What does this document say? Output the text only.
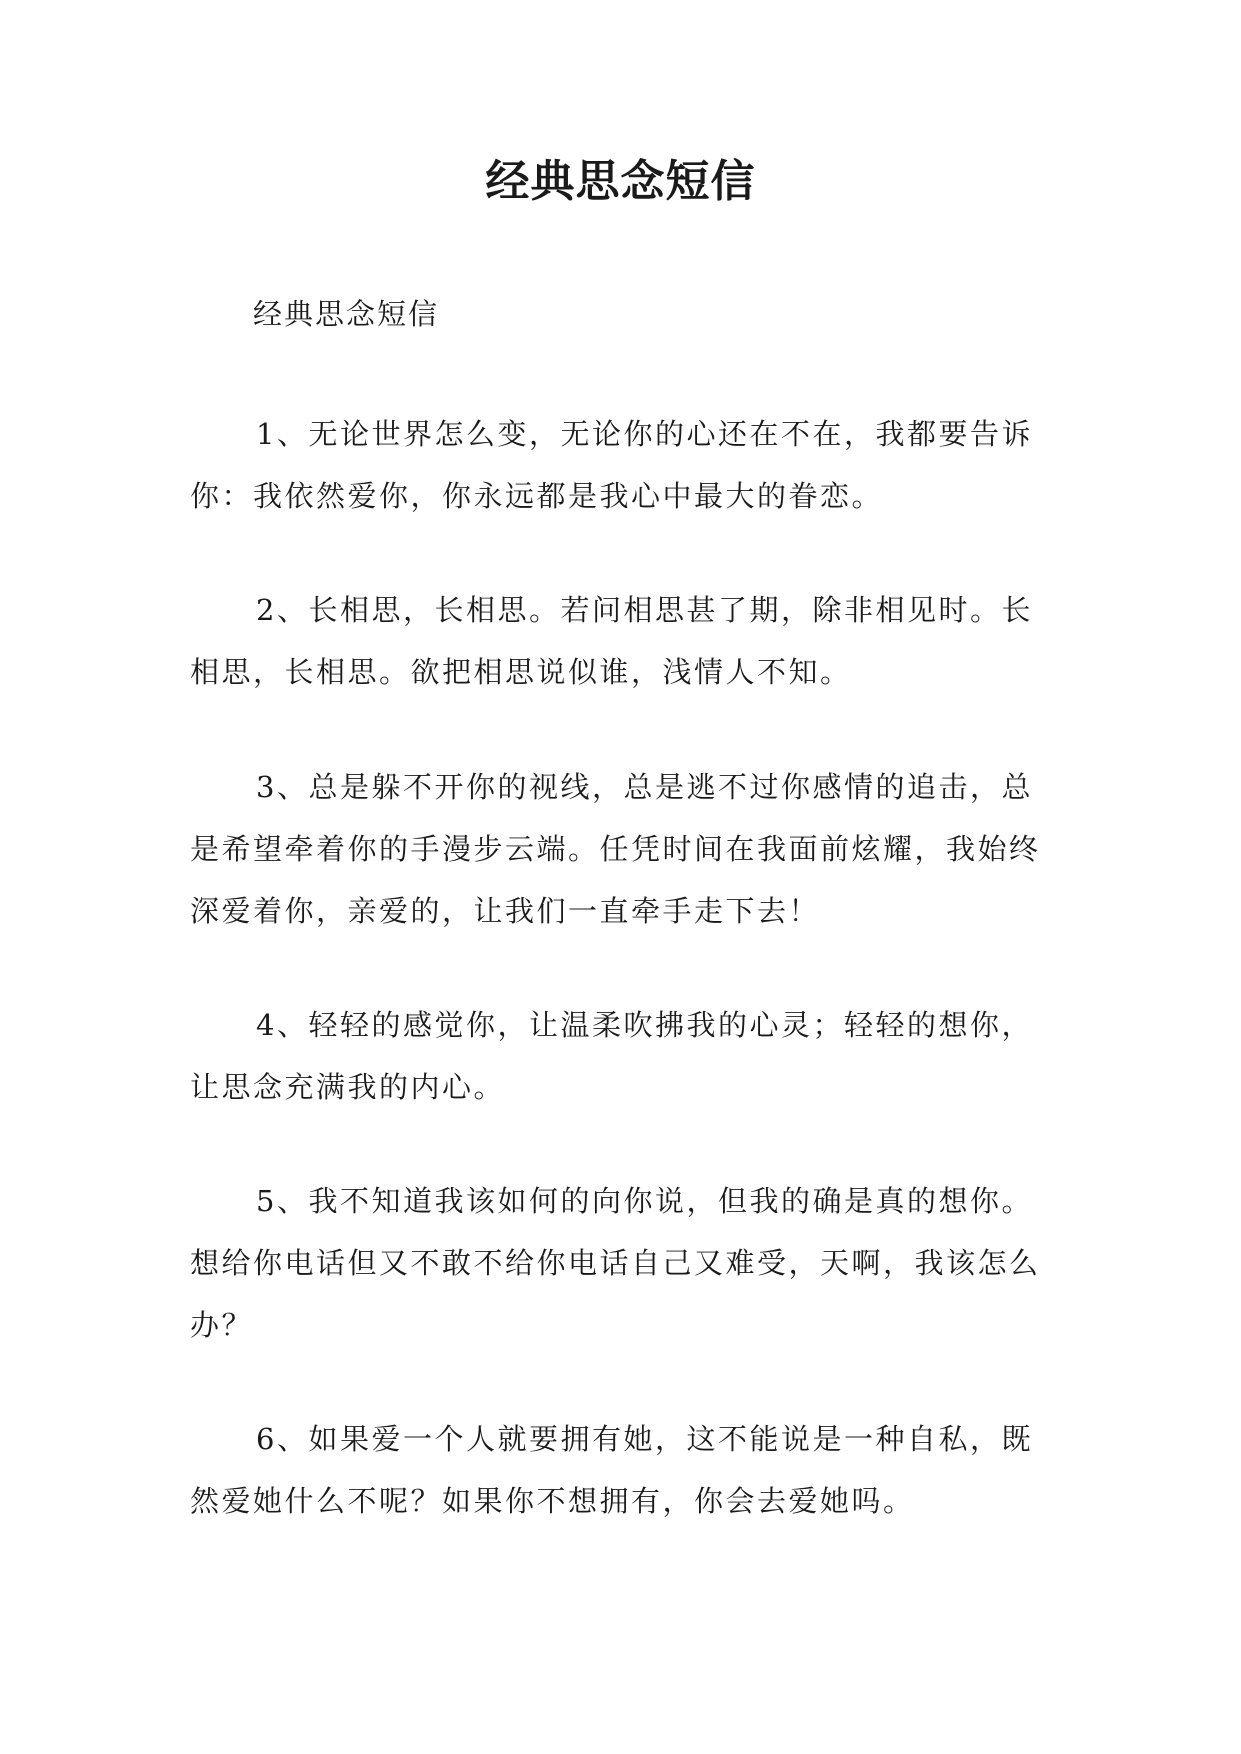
经典思念短信

经典思念短信

1、无论世界怎么变，无论你的心还在不在，我都要告诉你：我依然爱你，你永远都是我心中最大的眷恋。

2、长相思，长相思。若问相思甚了期，除非相见时。长相思，长相思。欲把相思说似谁，浅情人不知。

3、总是躲不开你的视线，总是逃不过你感情的追击，总是希望牵着你的手漫步云端。任凭时间在我面前炫耀，我始终深爱着你，亲爱的，让我们一直牵手走下去！

4、轻轻的感觉你，让温柔吹拂我的心灵；轻轻的想你，让思念充满我的内心。

5、我不知道我该如何的向你说，但我的确是真的想你。想给你电话但又不敢不给你电话自己又难受，天啊，我该怎么办？

6、如果爱一个人就要拥有她，这不能说是一种自私，既然爱她什么不呢？如果你不想拥有，你会去爱她吗。
